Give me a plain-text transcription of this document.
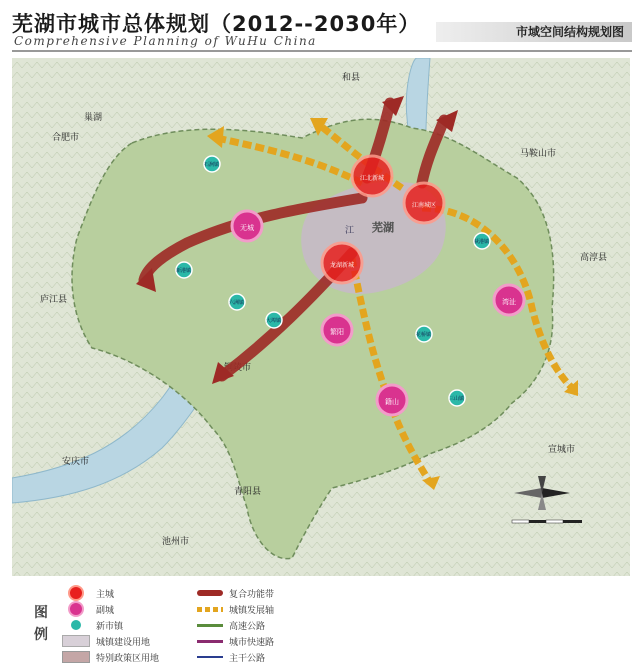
芜湖市城市总体规划（2012--2030年）
Comprehensive Planning of WuHu China
市域空间结构规划图
合肥市
巢湖
和县
马鞍山市
庐江县
安庆市
池州市
青阳县
铜陵市
宣城市
高淳县
江
江北新城
江南城区
龙湖新城
芜湖
无城
湾沚
繁阳
籍山
石涧镇
新港镇
六洲镇
大埠镇
荻港镇
花桥镇
三山镇
图
例
主城
副城
新市镇
城镇建设用地
特别政策区用地
复合功能带
城镇发展轴
高速公路
城市快速路
主干公路
